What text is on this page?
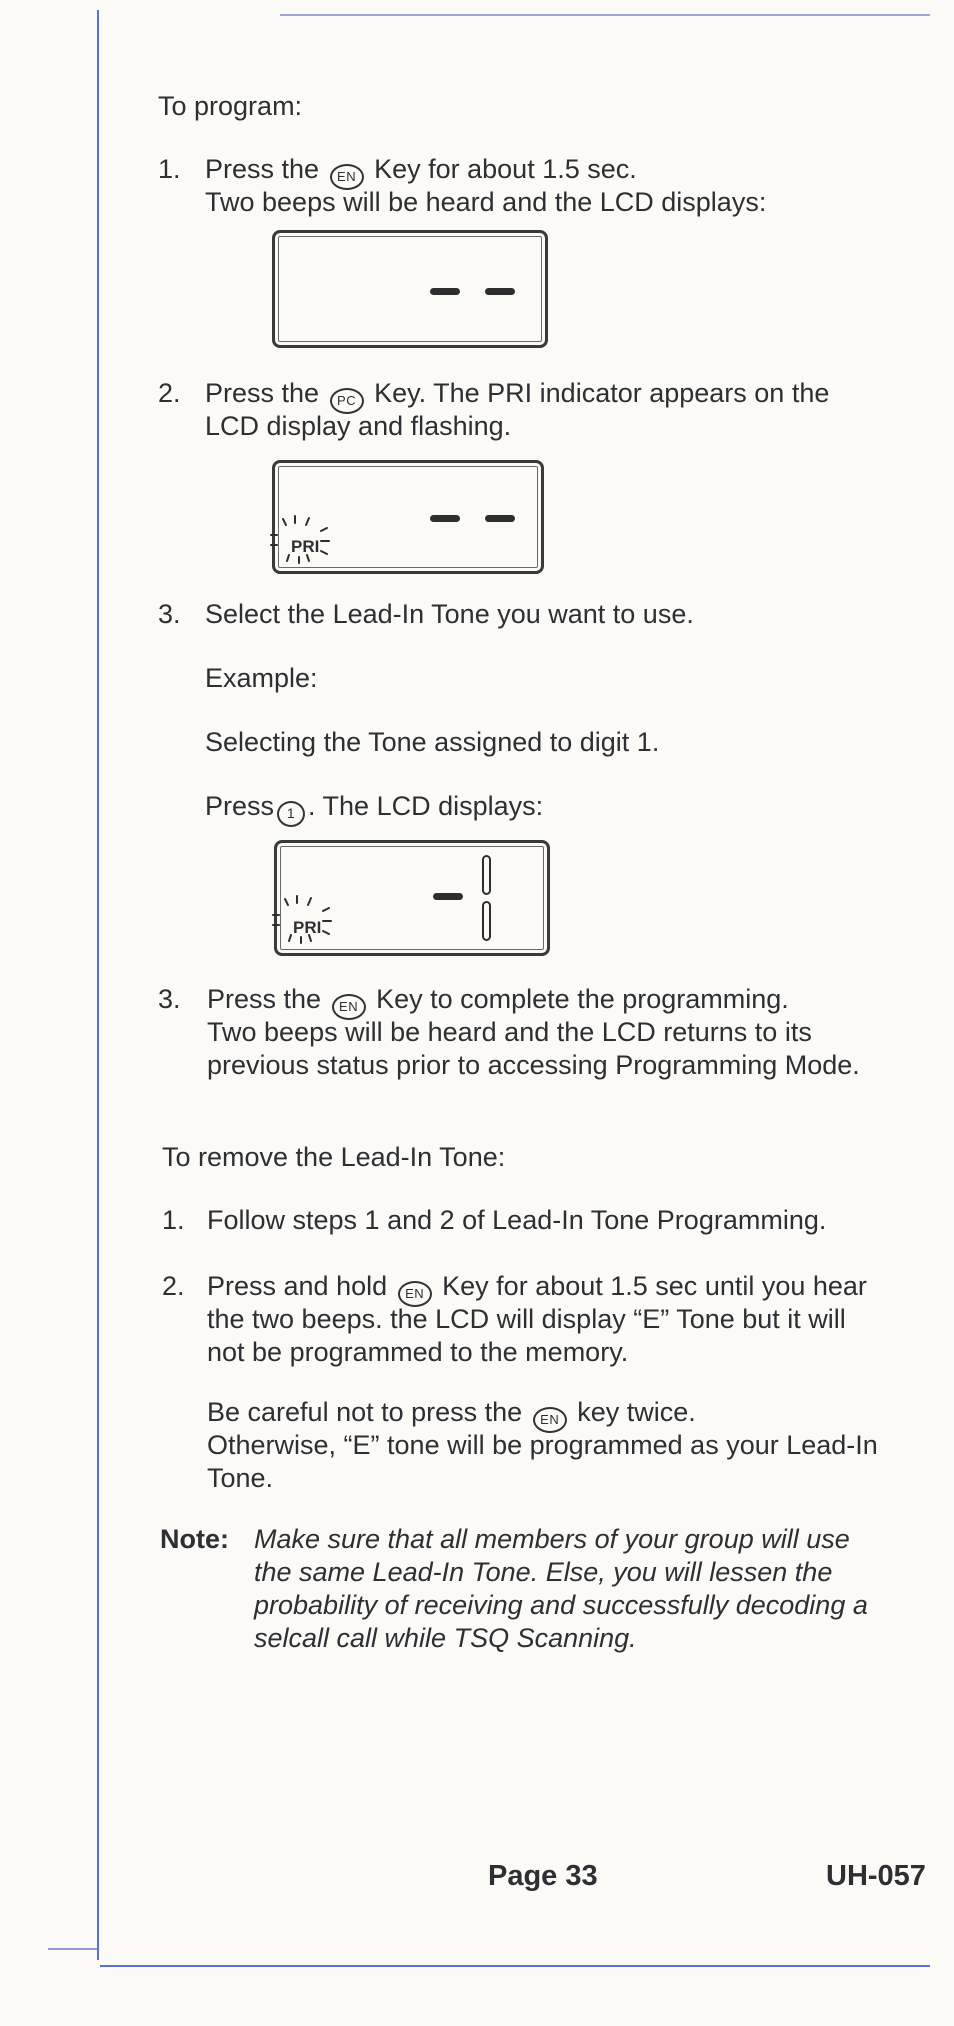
To program:
1. Press the EN Key for about 1.5 sec.
Two beeps will be heard and the LCD displays:
2. Press the PC Key. The PRI indicator appears on the
LCD display and flashing.
PRI
3. Select the Lead-In Tone you want to use.
Example:
Selecting the Tone assigned to digit 1.
Press 1 . The LCD displays:
PRI
3. Press the EN Key to complete the programming.
Two beeps will be heard and the LCD returns to its
previous status prior to accessing Programming Mode.
To remove the Lead-In Tone:
1. Follow steps 1 and 2 of Lead-In Tone Programming.
2. Press and hold EN Key for about 1.5 sec until you hear
the two beeps. the LCD will display “E” Tone but it will
not be programmed to the memory.
Be careful not to press the EN key twice.
Otherwise, “E” tone will be programmed as your Lead-In
Tone.
Note: Make sure that all members of your group will use
the same Lead-In Tone. Else, you will lessen the
probability of receiving and successfully decoding a
selcall call while TSQ Scanning.
Page 33	UH-057
